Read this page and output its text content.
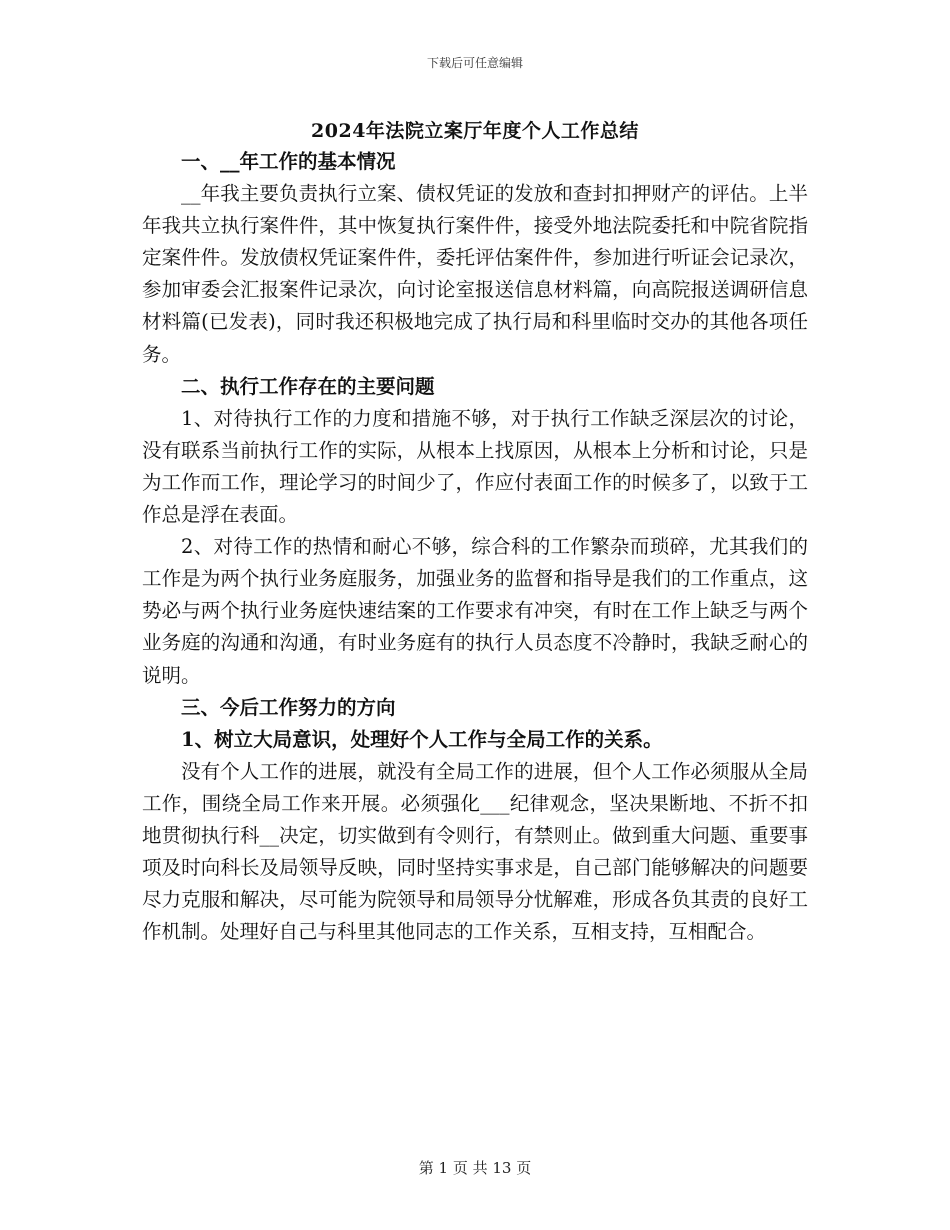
下载后可任意编辑
2024年法院立案厅年度个人工作总结

一、__年工作的基本情况

__年我主要负责执行立案、债权凭证的发放和查封扣押财产的评估。上半年我共立执行案件件，其中恢复执行案件件，接受外地法院委托和中院省院指定案件件。发放债权凭证案件件，委托评估案件件，参加进行听证会记录次，参加审委会汇报案件记录次，向讨论室报送信息材料篇，向高院报送调研信息材料篇(已发表)，同时我还积极地完成了执行局和科里临时交办的其他各项任务。

二、执行工作存在的主要问题

1、对待执行工作的力度和措施不够，对于执行工作缺乏深层次的讨论，没有联系当前执行工作的实际，从根本上找原因，从根本上分析和讨论，只是为工作而工作，理论学习的时间少了，作应付表面工作的时候多了，以致于工作总是浮在表面。

2、对待工作的热情和耐心不够，综合科的工作繁杂而琐碎，尤其我们的工作是为两个执行业务庭服务，加强业务的监督和指导是我们的工作重点，这势必与两个执行业务庭快速结案的工作要求有冲突，有时在工作上缺乏与两个业务庭的沟通和沟通，有时业务庭有的执行人员态度不冷静时，我缺乏耐心的说明。

三、今后工作努力的方向

1、树立大局意识，处理好个人工作与全局工作的关系。

没有个人工作的进展，就没有全局工作的进展，但个人工作必须服从全局工作，围绕全局工作来开展。必须强化___纪律观念，坚决果断地、不折不扣地贯彻执行科__决定，切实做到有令则行，有禁则止。做到重大问题、重要事项及时向科长及局领导反映，同时坚持实事求是，自己部门能够解决的问题要尽力克服和解决，尽可能为院领导和局领导分忧解难，形成各负其责的良好工作机制。处理好自己与科里其他同志的工作关系，互相支持，互相配合。

第 1 页 共 13 页
